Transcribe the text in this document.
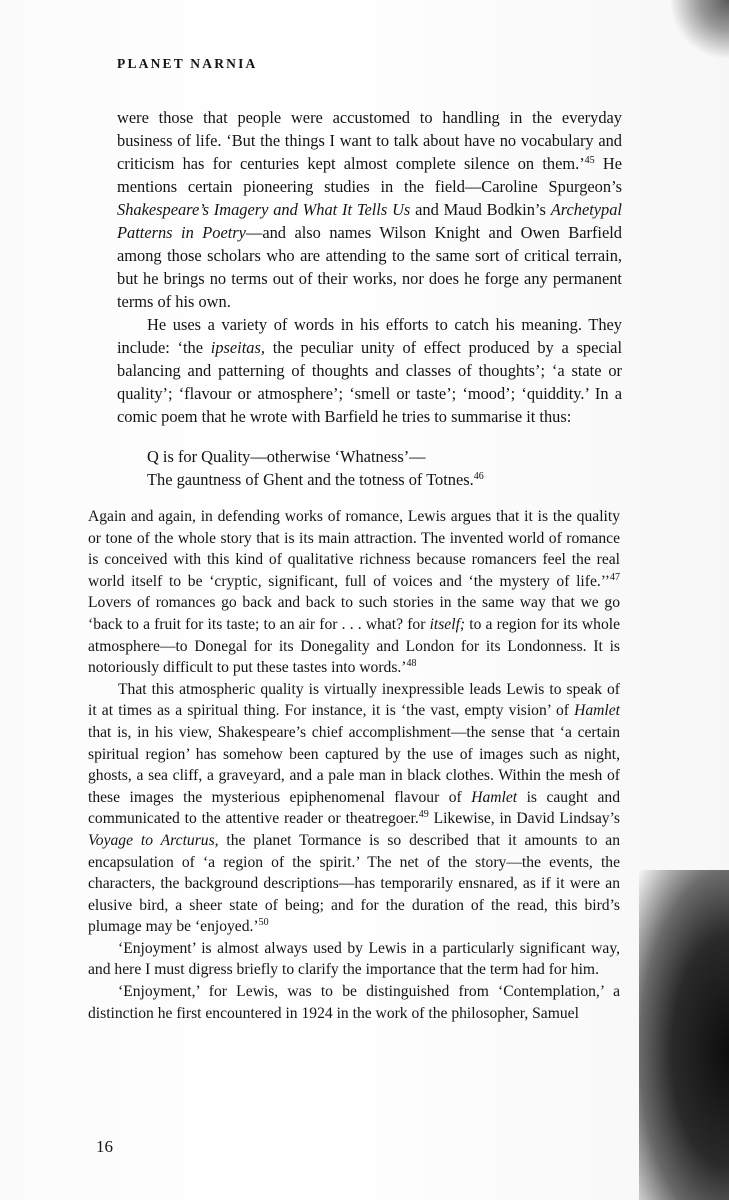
PLANET NARNIA

were those that people were accustomed to handling in the everyday business of life. ‘But the things I want to talk about have no vocabulary and criticism has for centuries kept almost complete silence on them.’$^{45}$ He mentions certain pioneering studies in the field—Caroline Spurgeon’s Shakespeare’s Imagery and What It Tells Us and Maud Bodkin’s Archetypal Patterns in Poetry—and also names Wilson Knight and Owen Barfield among those scholars who are attending to the same sort of critical terrain, but he brings no terms out of their works, nor does he forge any permanent terms of his own.

He uses a variety of words in his efforts to catch his meaning. They include: ‘the ipseitas, the peculiar unity of effect produced by a special balancing and patterning of thoughts and classes of thoughts’; ‘a state or quality’; ‘flavour or atmosphere’; ‘smell or taste’; ‘mood’; ‘quiddity.’ In a comic poem that he wrote with Barfield he tries to summarise it thus:

Q is for Quality—otherwise ‘Whatness’—
The gauntness of Ghent and the totness of Totnes.$^{46}$

Again and again, in defending works of romance, Lewis argues that it is the quality or tone of the whole story that is its main attraction. The invented world of romance is conceived with this kind of qualitative richness because romancers feel the real world itself to be ‘cryptic, significant, full of voices and ‘the mystery of life.’’$^{47}$ Lovers of romances go back and back to such stories in the same way that we go ‘back to a fruit for its taste; to an air for . . . what? for itself; to a region for its whole atmosphere—to Donegal for its Donegality and London for its Londonness. It is notoriously difficult to put these tastes into words.’$^{48}$

That this atmospheric quality is virtually inexpressible leads Lewis to speak of it at times as a spiritual thing. For instance, it is ‘the vast, empty vision’ of Hamlet that is, in his view, Shakespeare’s chief accomplishment—the sense that ‘a certain spiritual region’ has somehow been captured by the use of images such as night, ghosts, a sea cliff, a graveyard, and a pale man in black clothes. Within the mesh of these images the mysterious epiphenomenal flavour of Hamlet is caught and communicated to the attentive reader or theatregoer.$^{49}$ Likewise, in David Lindsay’s Voyage to Arcturus, the planet Tormance is so described that it amounts to an encapsulation of ‘a region of the spirit.’ The net of the story—the events, the characters, the background descriptions—has temporarily ensnared, as if it were an elusive bird, a sheer state of being; and for the duration of the read, this bird’s plumage may be ‘enjoyed.’$^{50}$

‘Enjoyment’ is almost always used by Lewis in a particularly significant way, and here I must digress briefly to clarify the importance that the term had for him.

‘Enjoyment,’ for Lewis, was to be distinguished from ‘Contemplation,’ a distinction he first encountered in 1924 in the work of the philosopher, Samuel

16
